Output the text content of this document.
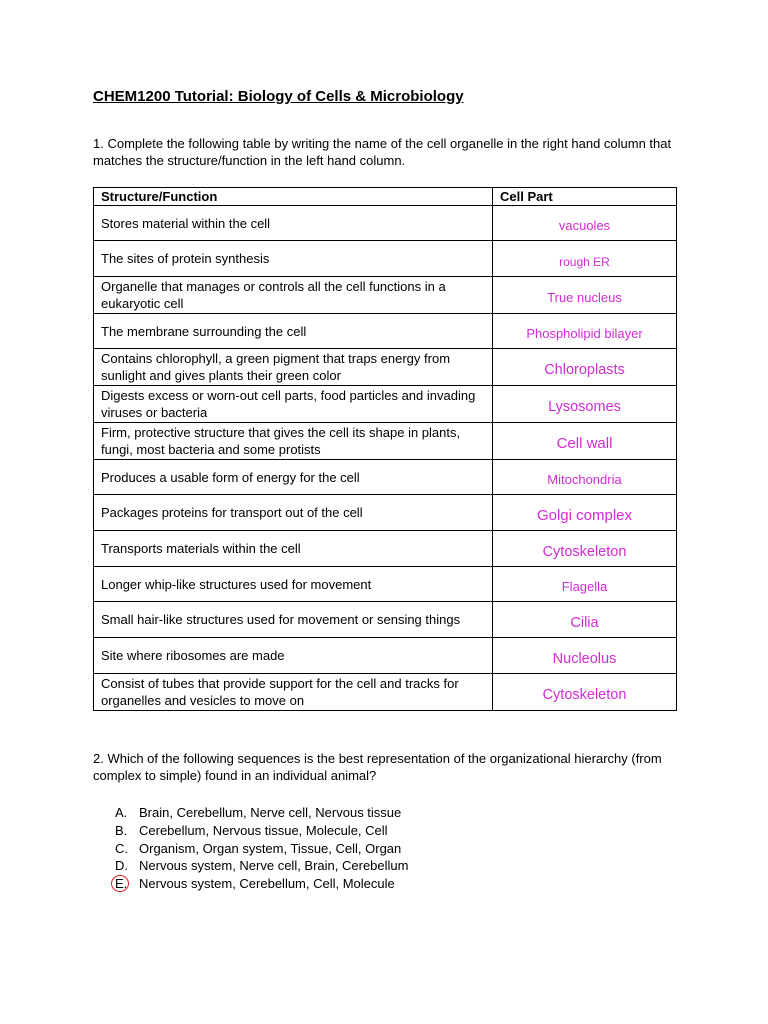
CHEM1200 Tutorial: Biology of Cells & Microbiology
1. Complete the following table by writing the name of the cell organelle in the right hand column that matches the structure/function in the left hand column.
Structure/Function	Cell Part
Stores material within the cell	vacuoles
The sites of protein synthesis	rough ER
Organelle that manages or controls all the cell functions in a eukaryotic cell	True nucleus
The membrane surrounding the cell	Phospholipid bilayer
Contains chlorophyll, a green pigment that traps energy from sunlight and gives plants their green color	Chloroplasts
Digests excess or worn-out cell parts, food particles and invading viruses or bacteria	Lysosomes
Firm, protective structure that gives the cell its shape in plants, fungi, most bacteria and some protists	Cell wall
Produces a usable form of energy for the cell	Mitochondria
Packages proteins for transport out of the cell	Golgi complex
Transports materials within the cell	Cytoskeleton
Longer whip-like structures used for movement	Flagella
Small hair-like structures used for movement or sensing things	Cilia
Site where ribosomes are made	Nucleolus
Consist of tubes that provide support for the cell and tracks for organelles and vesicles to move on	Cytoskeleton
2. Which of the following sequences is the best representation of the organizational hierarchy (from complex to simple) found in an individual animal?
A. Brain, Cerebellum, Nerve cell, Nervous tissue
B. Cerebellum, Nervous tissue, Molecule, Cell
C. Organism, Organ system, Tissue, Cell, Organ
D. Nervous system, Nerve cell, Brain, Cerebellum
E. Nervous system, Cerebellum, Cell, Molecule
